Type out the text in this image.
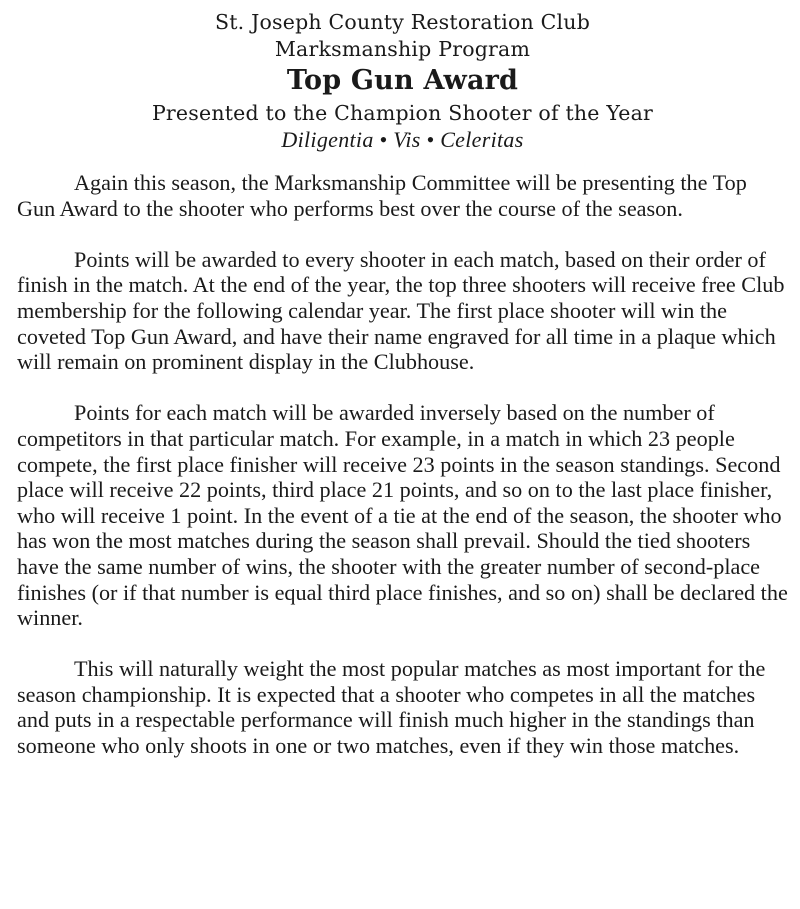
St. Joseph County Restoration Club
Marksmanship Program
Top Gun Award
Presented to the Champion Shooter of the Year
Diligentia • Vis • Celeritas

Again this season, the Marksmanship Committee will be presenting the Top Gun Award to the shooter who performs best over the course of the season.

Points will be awarded to every shooter in each match, based on their order of finish in the match. At the end of the year, the top three shooters will receive free Club membership for the following calendar year. The first place shooter will win the coveted Top Gun Award, and have their name engraved for all time in a plaque which will remain on prominent display in the Clubhouse.

Points for each match will be awarded inversely based on the number of competitors in that particular match. For example, in a match in which 23 people compete, the first place finisher will receive 23 points in the season standings. Second place will receive 22 points, third place 21 points, and so on to the last place finisher, who will receive 1 point. In the event of a tie at the end of the season, the shooter who has won the most matches during the season shall prevail. Should the tied shooters have the same number of wins, the shooter with the greater number of second-place finishes (or if that number is equal third place finishes, and so on) shall be declared the winner.

This will naturally weight the most popular matches as most important for the season championship. It is expected that a shooter who competes in all the matches and puts in a respectable performance will finish much higher in the standings than someone who only shoots in one or two matches, even if they win those matches.
